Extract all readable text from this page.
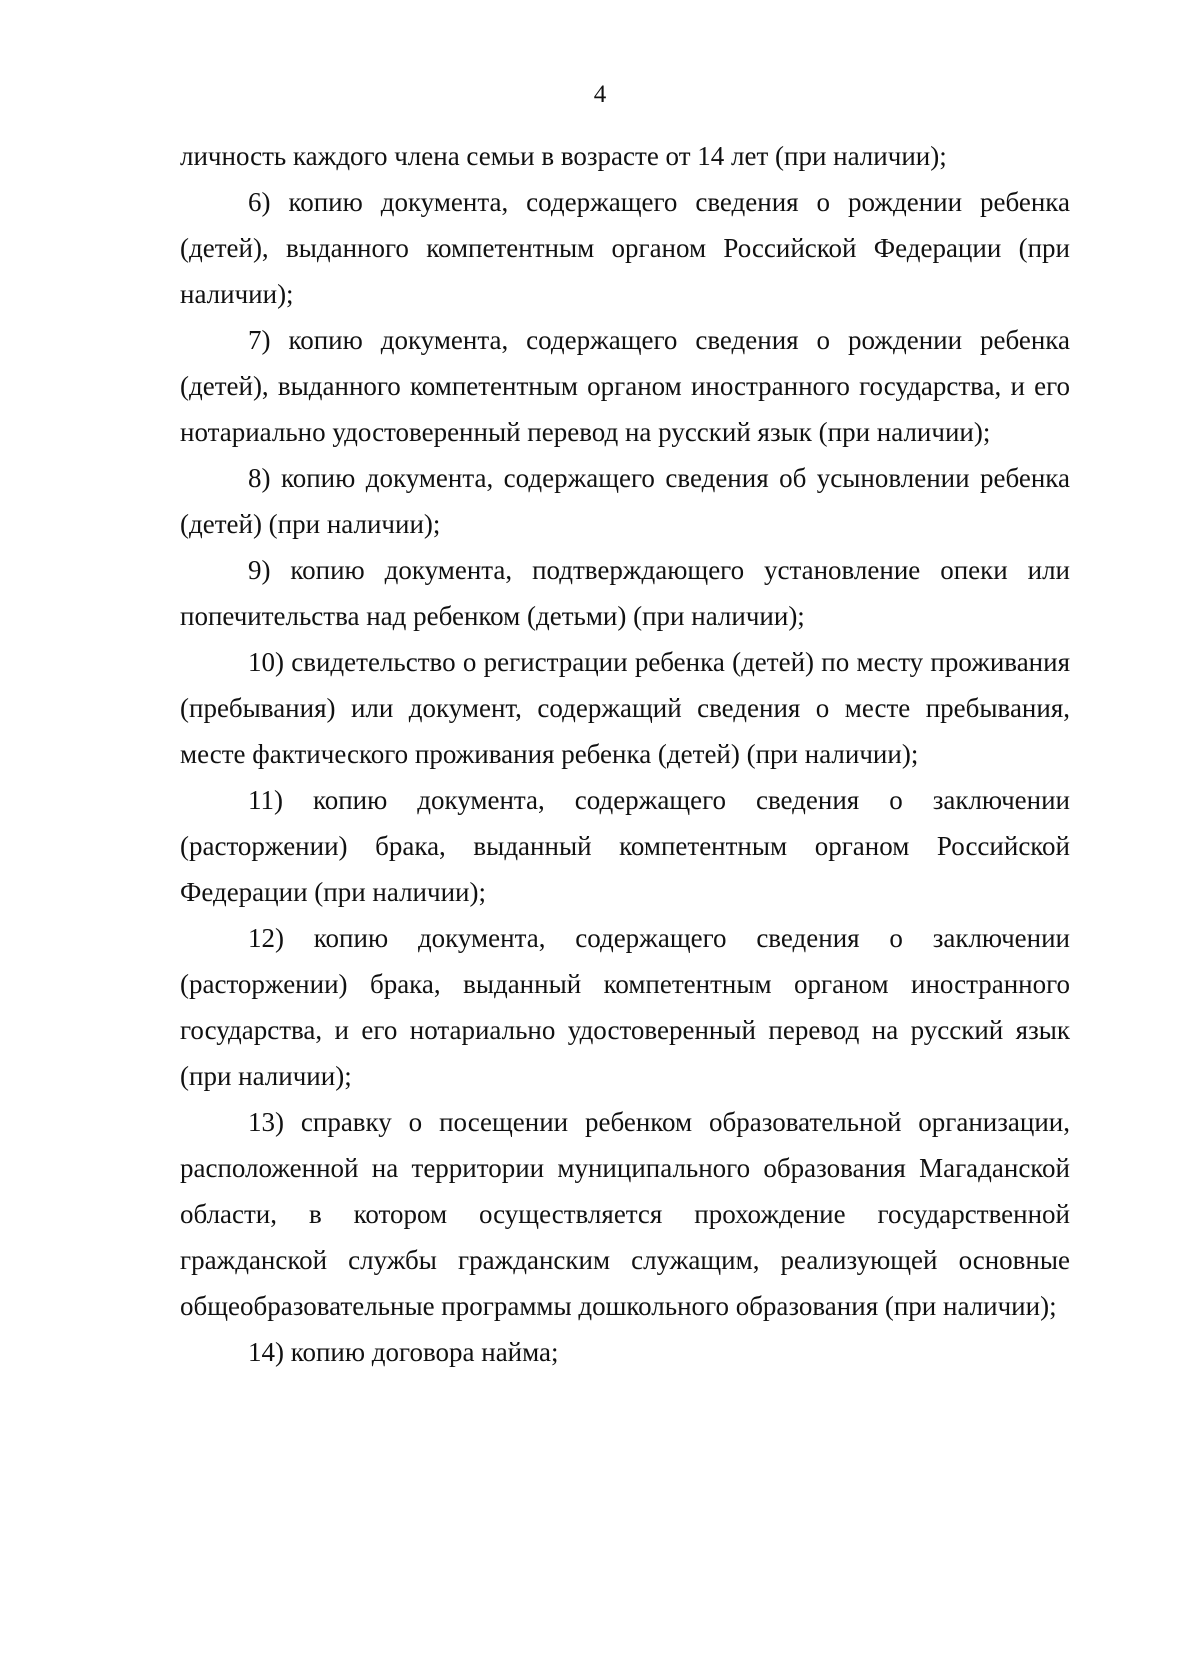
4

личность каждого члена семьи в возрасте от 14 лет (при наличии);

6) копию документа, содержащего сведения о рождении ребенка (детей), выданного компетентным органом Российской Федерации (при наличии);

7) копию документа, содержащего сведения о рождении ребенка (детей), выданного компетентным органом иностранного государства, и его нотариально удостоверенный перевод на русский язык (при наличии);

8) копию документа, содержащего сведения об усыновлении ребенка (детей) (при наличии);

9) копию документа, подтверждающего установление опеки или попечительства над ребенком (детьми) (при наличии);

10) свидетельство о регистрации ребенка (детей) по месту проживания (пребывания) или документ, содержащий сведения о месте пребывания, месте фактического проживания ребенка (детей) (при наличии);

11) копию документа, содержащего сведения о заключении (расторжении) брака, выданный компетентным органом Российской Федерации (при наличии);

12) копию документа, содержащего сведения о заключении (расторжении) брака, выданный компетентным органом иностранного государства, и его нотариально удостоверенный перевод на русский язык (при наличии);

13) справку о посещении ребенком образовательной организации, расположенной на территории муниципального образования Магаданской области, в котором осуществляется прохождение государственной гражданской службы гражданским служащим, реализующей основные общеобразовательные программы дошкольного образования (при наличии);

14) копию договора найма;
